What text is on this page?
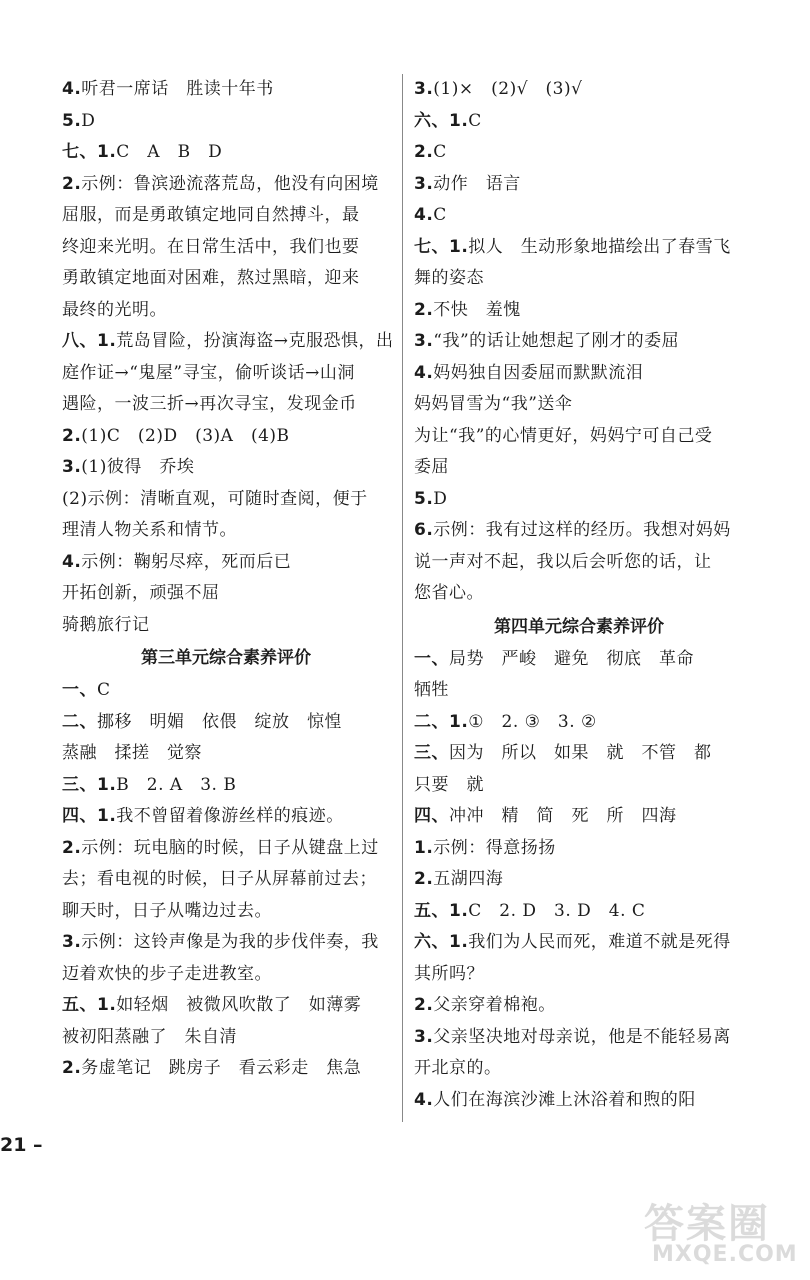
4.听君一席话　胜读十年书
5.D
七、1.C　A　B　D
2.示例：鲁滨逊流落荒岛，他没有向困境
屈服，而是勇敢镇定地同自然搏斗，最
终迎来光明。在日常生活中，我们也要
勇敢镇定地面对困难，熬过黑暗，迎来
最终的光明。
八、1.荒岛冒险，扮演海盗→克服恐惧，出
庭作证→“鬼屋”寻宝，偷听谈话→山洞
遇险，一波三折→再次寻宝，发现金币
2.(1)C　(2)D　(3)A　(4)B
3.(1)彼得　乔埃
(2)示例：清晰直观，可随时查阅，便于
理清人物关系和情节。
4.示例：鞠躬尽瘁，死而后已
开拓创新，顽强不屈
骑鹅旅行记
第三单元综合素养评价
一、C
二、挪移　明媚　依偎　绽放　惊惶
蒸融　揉搓　觉察
三、1.B　2. A　3. B
四、1.我不曾留着像游丝样的痕迹。
2.示例：玩电脑的时候，日子从键盘上过
去；看电视的时候，日子从屏幕前过去；
聊天时，日子从嘴边过去。
3.示例：这铃声像是为我的步伐伴奏，我
迈着欢快的步子走进教室。
五、1.如轻烟　被微风吹散了　如薄雾
被初阳蒸融了　朱自清
2.务虚笔记　跳房子　看云彩走　焦急
3.(1)×　(2)√　(3)√
六、1.C
2.C
3.动作　语言
4.C
七、1.拟人　生动形象地描绘出了春雪飞
舞的姿态
2.不快　羞愧
3.“我”的话让她想起了刚才的委屈
4.妈妈独自因委屈而默默流泪
妈妈冒雪为“我”送伞
为让“我”的心情更好，妈妈宁可自己受
委屈
5.D
6.示例：我有过这样的经历。我想对妈妈
说一声对不起，我以后会听您的话，让
您省心。
第四单元综合素养评价
一、局势　严峻　避免　彻底　革命
牺牲
二、1.①　2. ③　3. ②
三、因为　所以　如果　就　不管　都
只要　就
四、冲冲　精　简　死　所　四海
1.示例：得意扬扬
2.五湖四海
五、1.C　2. D　3. D　4. C
六、1.我们为人民而死，难道不就是死得
其所吗？
2.父亲穿着棉袍。
3.父亲坚决地对母亲说，他是不能轻易离
开北京的。
4.人们在海滨沙滩上沐浴着和煦的阳
21 –
答案圈
MXQE.COM
